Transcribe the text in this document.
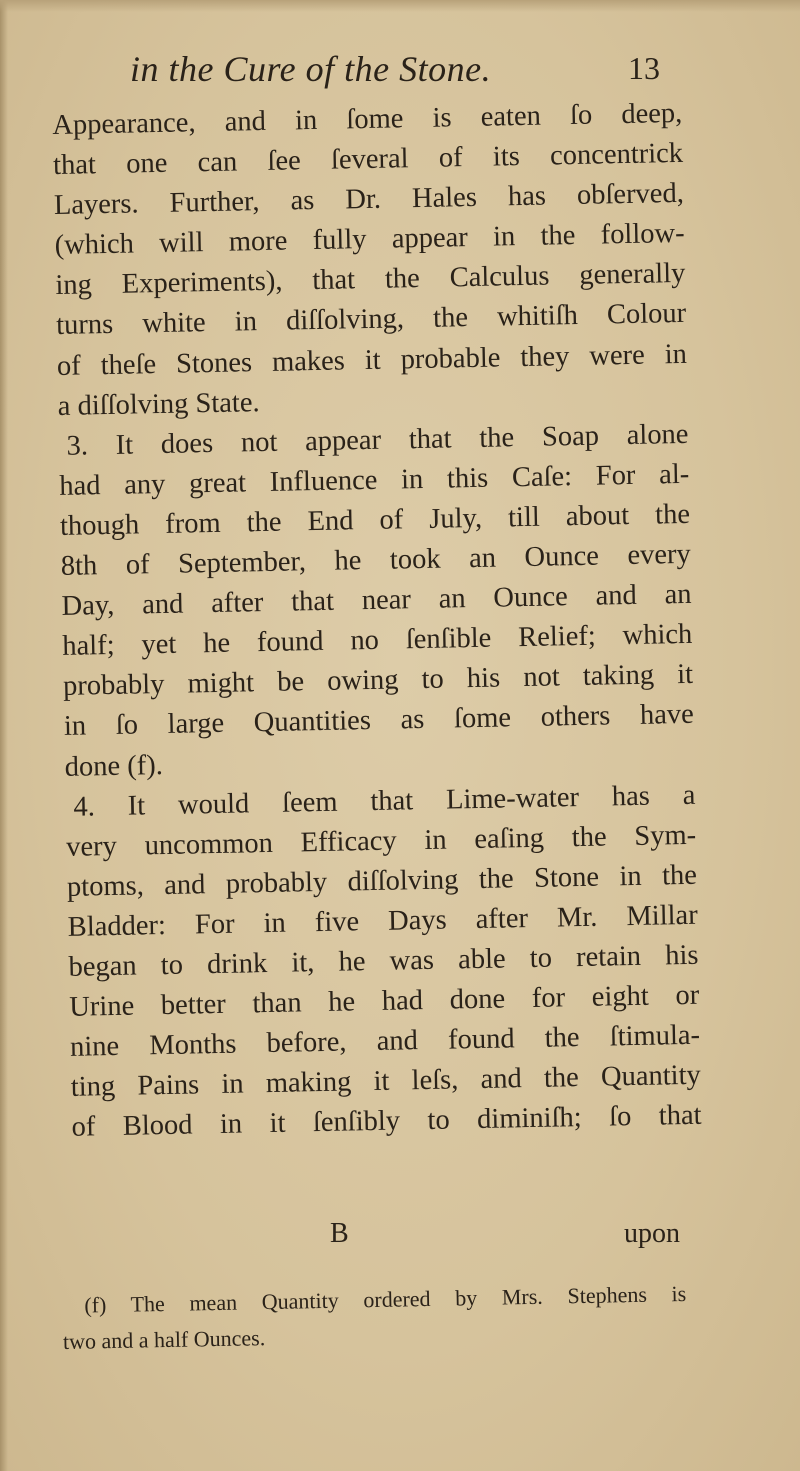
in the Cure of the Stone.	13
Appearance, and in ſome is eaten ſo deep,
that one can ſee ſeveral of its concentrick
Layers. Further, as Dr. Hales has obſerved,
(which will more fully appear in the follow-
ing Experiments), that the Calculus generally
turns white in diſſolving, the whitiſh Colour
of theſe Stones makes it probable they were in
a diſſolving State.
3. It does not appear that the Soap alone
had any great Influence in this Caſe: For al-
though from the End of July, till about the
8th of September, he took an Ounce every
Day, and after that near an Ounce and an
half; yet he found no ſenſible Relief; which
probably might be owing to his not taking it
in ſo large Quantities as ſome others have
done (f).
4. It would ſeem that Lime-water has a
very uncommon Efficacy in eaſing the Sym-
ptoms, and probably diſſolving the Stone in the
Bladder: For in five Days after Mr. Millar
began to drink it, he was able to retain his
Urine better than he had done for eight or
nine Months before, and found the ſtimula-
ting Pains in making it leſs, and the Quantity
of Blood in it ſenſibly to diminiſh; ſo that
B	upon
(f) The mean Quantity ordered by Mrs. Stephens is
two and a half Ounces.
